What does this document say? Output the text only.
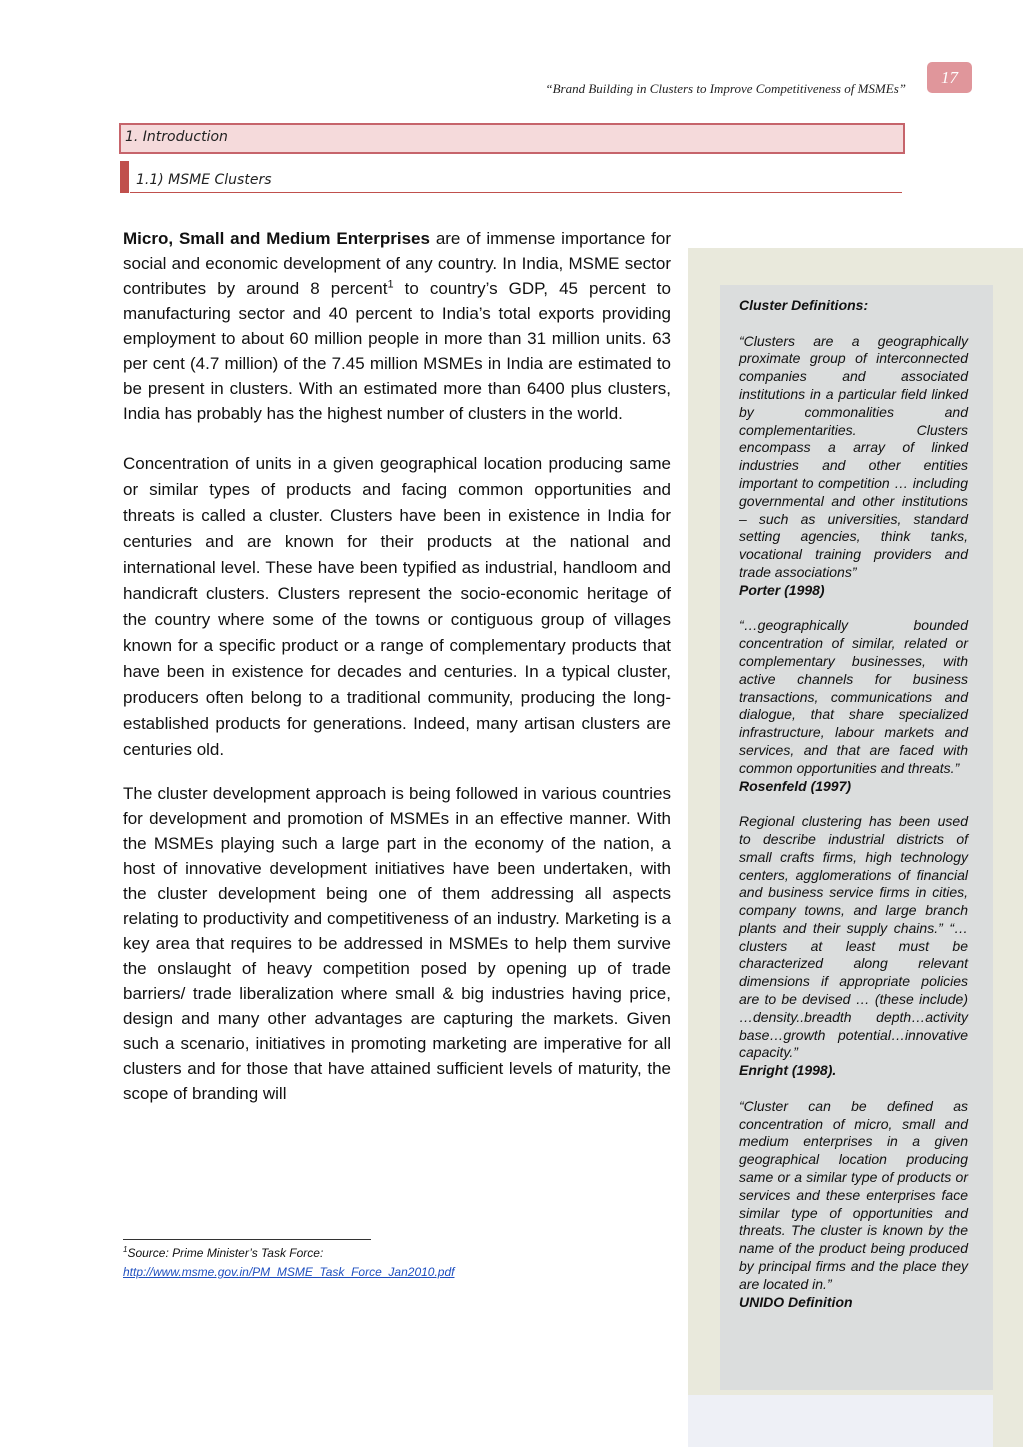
17
“Brand Building in Clusters to Improve Competitiveness of MSMEs”
1. Introduction
1.1) MSME Clusters

Micro, Small and Medium Enterprises are of immense importance for social and economic development of any country. In India, MSME sector contributes by around 8 percent$^1$ to country’s GDP, 45 percent to manufacturing sector and 40 percent to India’s total exports providing employment to about 60 million people in more than 31 million units. 63 per cent (4.7 million) of the 7.45 million MSMEs in India are estimated to be present in clusters. With an estimated more than 6400 plus clusters, India has probably has the highest number of clusters in the world.

Concentration of units in a given geographical location producing same or similar types of products and facing common opportunities and threats is called a cluster. Clusters have been in existence in India for centuries and are known for their products at the national and international level. These have been typified as industrial, handloom and handicraft clusters. Clusters represent the socio-economic heritage of the country where some of the towns or contiguous group of villages known for a specific product or a range of complementary products that have been in existence for decades and centuries. In a typical cluster, producers often belong to a traditional community, producing the long-established products for generations. Indeed, many artisan clusters are centuries old.

The cluster development approach is being followed in various countries for development and promotion of MSMEs in an effective manner. With the MSMEs playing such a large part in the economy of the nation, a host of innovative development initiatives have been undertaken, with the cluster development being one of them addressing all aspects relating to productivity and competitiveness of an industry. Marketing is a key area that requires to be addressed in MSMEs to help them survive the onslaught of heavy competition posed by opening up of trade barriers/ trade liberalization where small & big industries having price, design and many other advantages are capturing the markets. Given such a scenario, initiatives in promoting marketing are imperative for all clusters and for those that have attained sufficient levels of maturity, the scope of branding will

$^1$Source: Prime Minister’s Task Force:
http://www.msme.gov.in/PM_MSME_Task_Force_Jan2010.pdf

Cluster Definitions:

“Clusters are a geographically proximate group of interconnected companies and associated institutions in a particular field linked by commonalities and complementarities. Clusters encompass a array of linked industries and other entities important to competition … including governmental and other institutions – such as universities, standard setting agencies, think tanks, vocational training providers and trade associations”

Porter (1998)

“…geographically bounded concentration of similar, related or complementary businesses, with active channels for business transactions, communications and dialogue, that share specialized infrastructure, labour markets and services, and that are faced with common opportunities and threats.”

Rosenfeld (1997)

Regional clustering has been used to describe industrial districts of small crafts firms, high technology centers, agglomerations of financial and business service firms in cities, company towns, and large branch plants and their supply chains.” “…clusters at least must be characterized along relevant dimensions if appropriate policies are to be devised … (these include) …density..breadth depth…activity base…growth potential…innovative capacity.”

Enright (1998).

“Cluster can be defined as concentration of micro, small and medium enterprises in a given geographical location producing same or a similar type of products or services and these enterprises face similar type of opportunities and threats. The cluster is known by the name of the product being produced by principal firms and the place they are located in.”

UNIDO Definition
